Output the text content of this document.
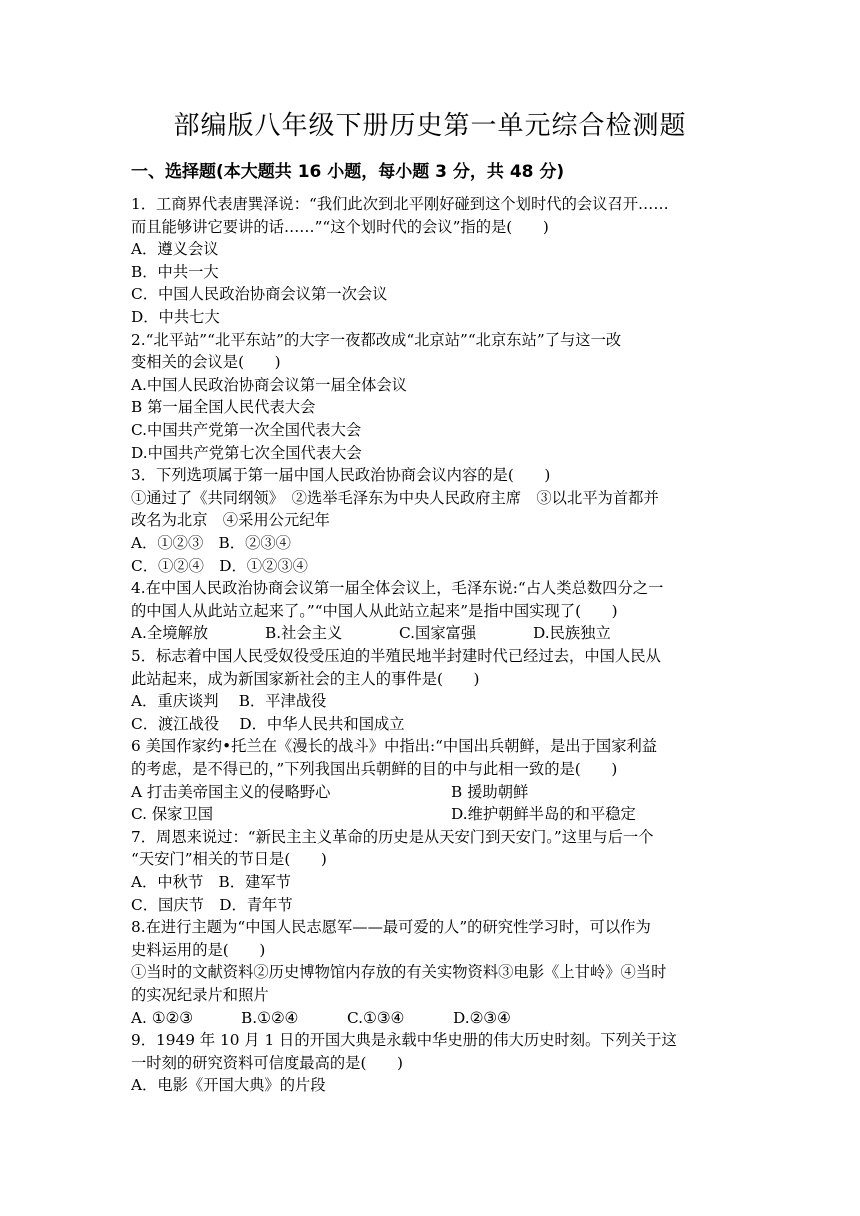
部编版八年级下册历史第一单元综合检测题
一、选择题(本大题共 16 小题，每小题 3 分，共 48 分)
1．工商界代表唐巽泽说：“我们此次到北平刚好碰到这个划时代的会议召开……
而且能够讲它要讲的话……”“这个划时代的会议”指的是(　　)
A．遵义会议
B．中共一大
C．中国人民政治协商会议第一次会议
D．中共七大
2.“北平站”“北平东站”的大字一夜都改成“北京站”“北京东站”了与这一改
变相关的会议是(　　)
A.中国人民政治协商会议第一届全体会议
B 第一届全国人民代表大会
C.中国共产党第一次全国代表大会
D.中国共产党第七次全国代表大会
3．下列选项属于第一届中国人民政治协商会议内容的是(　　)
①通过了《共同纲领》　②选举毛泽东为中央人民政府主席　③以北平为首都并
改名为北京　④采用公元纪年
A．①②③　B．②③④
C．①②④　D．①②③④
4.在中国人民政治协商会议第一届全体会议上，毛泽东说:“占人类总数四分之一
的中国人从此站立起来了。”“中国人从此站立起来”是指中国实现了(　　)
A.全境解放	B.社会主义	C.国家富强	D.民族独立
5．标志着中国人民受奴役受压迫的半殖民地半封建时代已经过去，中国人民从
此站起来，成为新国家新社会的主人的事件是(　　)
A．重庆谈判　 B．平津战役
C．渡江战役　 D．中华人民共和国成立
6 美国作家约•托兰在《漫长的战斗》中指出:“中国出兵朝鲜，是出于国家利益
的考虑，是不得已的，”下列我国出兵朝鲜的目的中与此相一致的是(　　)
A 打击美帝国主义的侵略野心	B 援助朝鲜
C. 保家卫国	D.维护朝鲜半岛的和平稳定
7．周恩来说过：“新民主主义革命的历史是从天安门到天安门。”这里与后一个
“天安门”相关的节日是(　　)
A．中秋节　B．建军节
C．国庆节　D．青年节
8.在进行主题为“中国人民志愿军——最可爱的人”的研究性学习时，可以作为
史料运用的是(　　)
①当时的文献资料②历史博物馆内存放的有关实物资料③电影《上甘岭》④当时
的实况纪录片和照片
A. ①②③	B.①②④	C.①③④	D.②③④
9．1949 年 10 月 1 日的开国大典是永载中华史册的伟大历史时刻。下列关于这
一时刻的研究资料可信度最高的是(　　)
A．电影《开国大典》的片段
